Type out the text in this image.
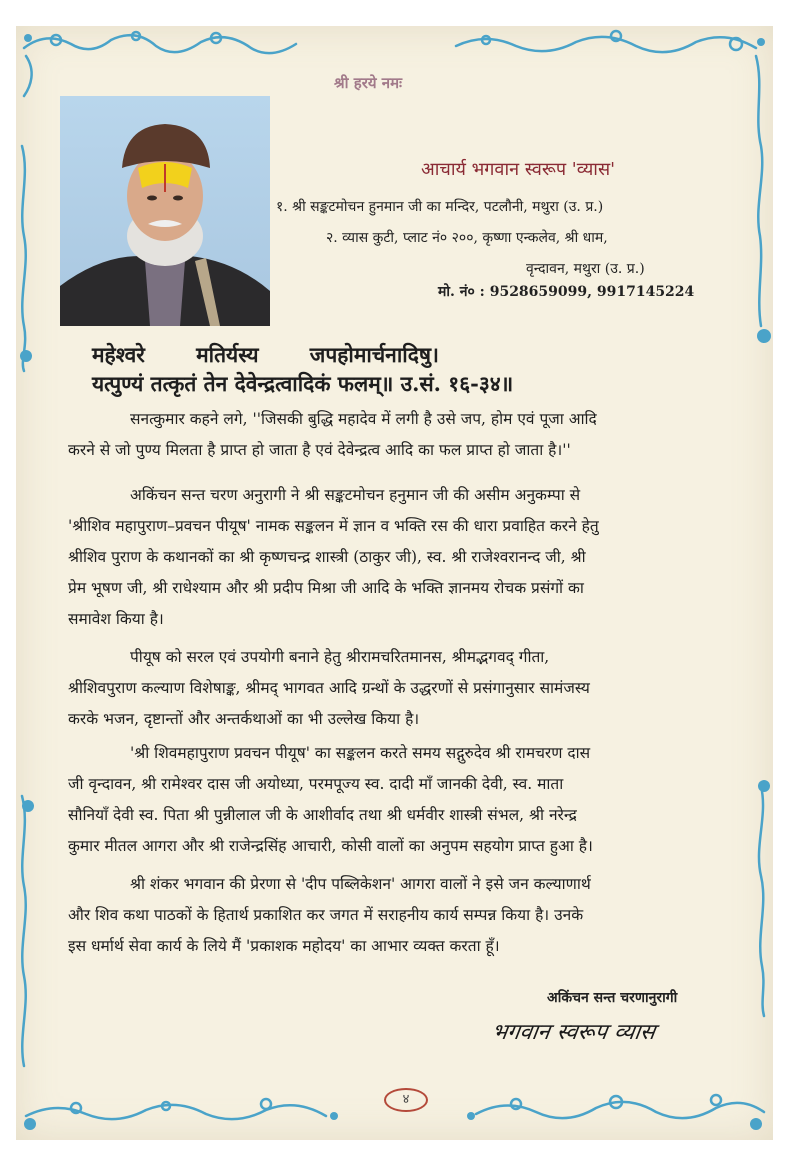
श्री हरये नमः
आचार्य भगवान स्वरूप 'व्यास'
१. श्री सङ्कटमोचन हुनमान जी का मन्दिर, पटलौनी, मथुरा (उ. प्र.)
२. व्यास कुटी, प्लाट नं० २००, कृष्णा एन्कलेव, श्री धाम,
वृन्दावन, मथुरा (उ. प्र.)
मो. नं० : 9528659099, 9917145224
महेश्वरे       मतिर्यस्य       जपहोमार्चनादिषु।
यत्पुण्यं तत्कृतं तेन देवेन्द्रत्वादिकं फलम्॥ उ.सं. १६-३४॥
सनत्कुमार कहने लगे, ''जिसकी बुद्धि महादेव में लगी है उसे जप, होम एवं पूजा आदि
करने से जो पुण्य मिलता है प्राप्त हो जाता है एवं देवेन्द्रत्व आदि का फल प्राप्त हो जाता है।''
अकिंचन सन्त चरण अनुरागी ने श्री सङ्कटमोचन हनुमान जी की असीम अनुकम्पा से
'श्रीशिव महापुराण–प्रवचन पीयूष' नामक सङ्कलन में ज्ञान व भक्ति रस की धारा प्रवाहित करने हेतु
श्रीशिव पुराण के कथानकों का श्री कृष्णचन्द्र शास्त्री (ठाकुर जी), स्व. श्री राजेश्वरानन्द जी, श्री
प्रेम भूषण जी, श्री राधेश्याम और श्री प्रदीप मिश्रा जी आदि के भक्ति ज्ञानमय रोचक प्रसंगों का
समावेश किया है।
पीयूष को सरल एवं उपयोगी बनाने हेतु श्रीरामचरितमानस, श्रीमद्भगवद् गीता,
श्रीशिवपुराण कल्याण विशेषाङ्क, श्रीमद् भागवत आदि ग्रन्थों के उद्धरणों से प्रसंगानुसार सामंजस्य
करके भजन, दृष्टान्तों और अन्तर्कथाओं का भी उल्लेख किया है।
'श्री शिवमहापुराण प्रवचन पीयूष' का सङ्कलन करते समय सद्गुरुदेव श्री रामचरण दास
जी वृन्दावन, श्री रामेश्वर दास जी अयोध्या, परमपूज्य स्व. दादी माँ जानकी देवी, स्व. माता
सौनियाँ देवी स्व. पिता श्री पुन्नीलाल जी के आशीर्वाद तथा श्री धर्मवीर शास्त्री संभल, श्री नरेन्द्र
कुमार मीतल आगरा और श्री राजेन्द्रसिंह आचारी, कोसी वालों का अनुपम सहयोग प्राप्त हुआ है।
श्री शंकर भगवान की प्रेरणा से 'दीप पब्लिकेशन' आगरा वालों ने इसे जन कल्याणार्थ
और शिव कथा पाठकों के हितार्थ प्रकाशित कर जगत में सराहनीय कार्य सम्पन्न किया है। उनके
इस धर्मार्थ सेवा कार्य के लिये मैं 'प्रकाशक महोदय' का आभार व्यक्त करता हूँ।
अकिंचन सन्त चरणानुरागी
भगवान स्वरूप व्यास
४
